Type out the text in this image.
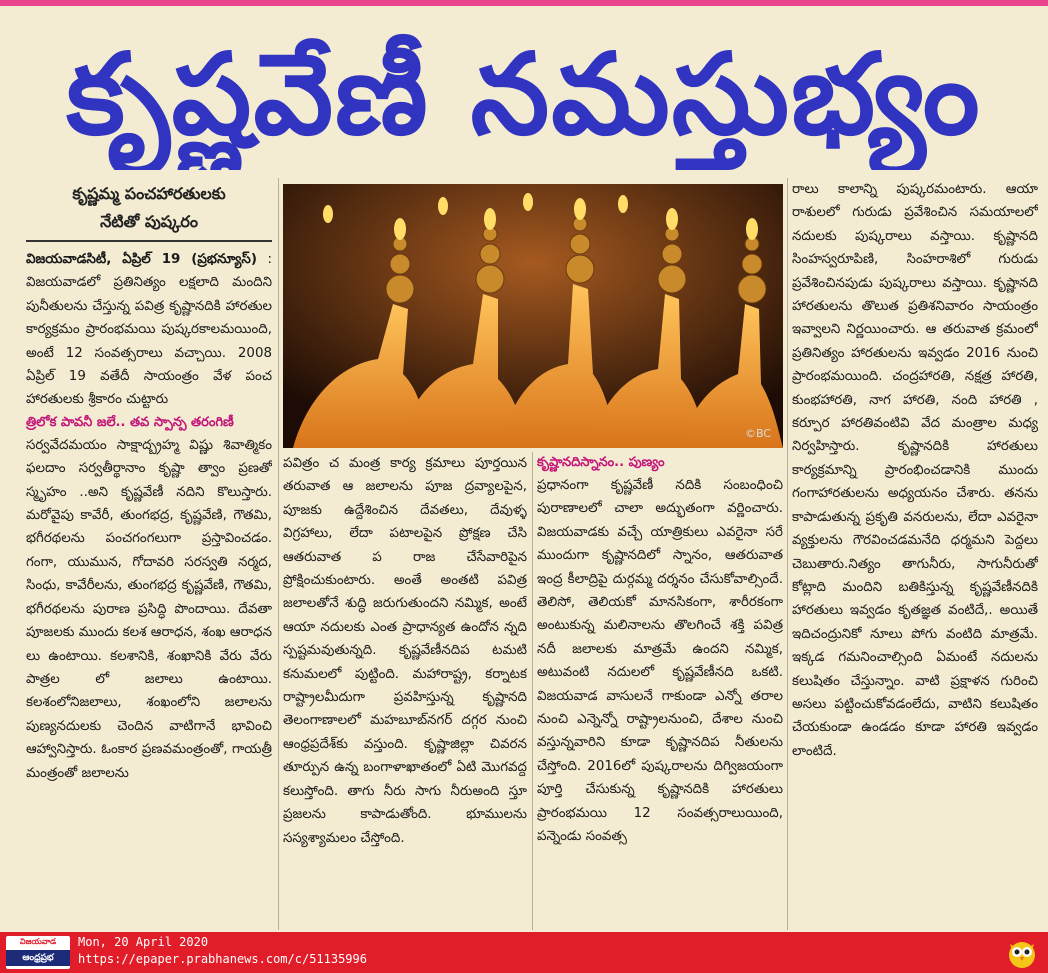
కృష్ణవేణీ నమస్తుభ్యం
కృష్ణమ్మ పంచహారతులకు
నేటితో పుష్కరం

విజయవాడసిటీ, ఏప్రిల్ 19 (ప్రభన్యూస్) : విజయవాడలో ప్రతినిత్యం లక్షలాది మందిని పునీతులను చేస్తున్న పవిత్ర కృష్ణానదికి హారతుల కార్యక్రమం ప్రారంభమయి పుష్కరకాలమయింది, అంటే 12 సంవత్సరాలు వచ్చాయి. 2008 ఏప్రిల్ 19 వతేదీ సాయంత్రం వేళ పంచ హారతులకు శ్రీకారం చుట్టారు

త్రిలోక పావనీ జలే.. తవ స్పాన్ప తరంగిణీ

సర్వవేదమయం సాక్షాద్బ్రహ్మ విష్ణు శివాత్మికం ఫలదాం సర్వతీర్థానాం కృష్ణా త్వాం ప్రణతో స్మృహం ..అని కృష్ణవేణీ నదిని కొలుస్తారు. మరోవైపు కావేరీ, తుంగభద్ర, కృష్ణవేణి, గౌతమి, భగీరథలను పంచగంగలుగా ప్రస్తావించడం. గంగా, యుమున, గోదావరి సరస్వతి నర్మద, సింధు, కావేరీలను, తుంగభద్ర కృష్ణవేణి, గౌతమి, భగీరథలను పురాణ ప్రసిద్ధి పొందాయి. దేవతా పూజలకు ముందు కలశ ఆరాధన, శంఖ ఆరాధన లు ఉంటాయి. కలశానికి, శంఖానికి వేరు వేరు పాత్రల లో జలాలు ఉంటాయి. కలశంలోనిజలాలు, శంఖంలోని జలాలను పుణ్యనదులకు చెందిన వాటిగానే భావించి ఆహ్వానిస్తారు. ఓంకార ప్రణవమంత్రంతో, గాయత్రీ మంత్రంతో జలాలను

©BC

పవిత్రం చ మంత్ర కార్య క్రమాలు పూర్తయిన తరువాత ఆ జలాలను పూజ ద్రవ్యాలపైన, పూజకు ఉద్దేశించిన దేవతలు, దేవుళ్ళ విగ్రహాలు, లేదా పటాలపైన ప్రోక్షణ చేసి ఆతరువాత ప రాజ చేసేవారిపైన ప్రోక్షించుకుంటారు. అంతే అంతటి పవిత్ర జలాలతోనే శుద్ధి జరుగుతుందని నమ్మిక, అంటే ఆయా నదులకు ఎంత ప్రాధాన్యత ఉందోన న్నది స్పష్టమవుతున్నది. కృష్ణవేణీనదిప టమటి కనుమలలో పుట్టింది. మహారాష్ట్ర, కర్నాటక రాష్ట్రాలమీదుగా ప్రవహిస్తున్న కృష్ణానది తెలంగాణాలలో మహబూబ్‌నగర్ దగ్గర నుంచి ఆంధ్రప్రదేశ్‌కు వస్తుంది. కృష్ణాజిల్లా చివరన తూర్పున ఉన్న బంగాళాఖాతంలో ఏటి మొగవద్ద కలుస్తోంది. తాగు నీరు సాగు నీరుఅంది స్తూ ప్రజలను కాపాడుతోంది. భూములను సస్యశ్యామలం చేస్తోంది.

కృష్ణానదిస్నానం.. పుణ్యం

ప్రధానంగా కృష్ణవేణీ నదికి సంబంధించి పురాణాలలో చాలా అద్భుతంగా వర్ణించారు. విజయవాడకు వచ్చే యాత్రికులు ఎవరైనా సరే ముందుగా కృష్ణానదిలో స్నానం, ఆతరువాత ఇంద్ర కీలాద్రిపై దుర్గమ్మ దర్శనం చేసుకోవాల్సిందే. తెలిసో, తెలియకో మానసికంగా, శారీరకంగా అంటుకున్న మలినాలను తొలగించే శక్తి పవిత్ర నదీ జలాలకు మాత్రమే ఉందని నమ్మిక, అటువంటి నదులలో కృష్ణవేణీనది ఒకటి. విజయవాడ వాసులనే గాకుండా ఎన్నో తరాల నుంచి ఎన్నెన్నో రాష్ట్రాలనుంచి, దేశాల నుంచి వస్తున్నవారిని కూడా కృష్ణానదిప నీతులను చేస్తోంది. 2016లో పుష్కరాలను దిగ్విజయంగా పూర్తి చేసుకున్న కృష్ణానదికి హారతులు ప్రారంభమయి 12 సంవత్సరాలుయింది, పన్నెండు సంవత్స

రాలు కాలాన్ని పుష్కరమంటారు. ఆయా రాశులలో గురుడు ప్రవేశించిన సమయాలలో నదులకు పుష్కరాలు వస్తాయి. కృష్ణానది సింహస్వరూపిణి, సింహరాశిలో గురుడు ప్రవేశించినపుడు పుష్కరాలు వస్తాయి. కృష్ణానది హారతులను తొలుత ప్రతిశనివారం సాయంత్రం ఇవ్వాలని నిర్ణయించారు. ఆ తరువాత క్రమంలో ప్రతినిత్యం హారతులను ఇవ్వడం 2016 నుంచి ప్రారంభమయింది. చంద్రహారతి, నక్షత్ర హారతి, కుంభహారతి, నాగ హారతి, నంది హారతి , కర్పూర హారతివంటివి వేద మంత్రాల మధ్య నిర్వహిస్తారు. కృష్ణానదికి హారతులు కార్యక్రమాన్ని ప్రారంభించడానికి ముందు గంగాహారతులను అధ్యయనం చేశారు. తనను కాపాడుతున్న ప్రకృతి వనరులను, లేదా ఎవరైనా వ్యక్తులను గౌరవించడమనేది ధర్మమని పెద్దలు చెబుతారు.నిత్యం తాగునీరు, సాగునీరుతో కోట్లాది మందిని బతికిస్తున్న కృష్ణవేణీనదికి హారతులు ఇవ్వడం కృతజ్ఞత వంటిదే,. అయితే ఇదిచంద్రునికో నూలు పోగు వంటిది మాత్రమే. ఇక్కడ గమనించాల్సింది ఏమంటే నదులను కలుషితం చేస్తున్నాం. వాటి ప్రక్షాళన గురించి అసలు పట్టించుకోవడంలేదు, వాటిని కలుషితం చేయకుండా ఉండడం కూడా హారతి ఇవ్వడం లాంటిదే.

విజయవాడ
ఆంధ్రప్రభ
Mon, 20 April 2020
https://epaper.prabhanews.com/c/51135996
